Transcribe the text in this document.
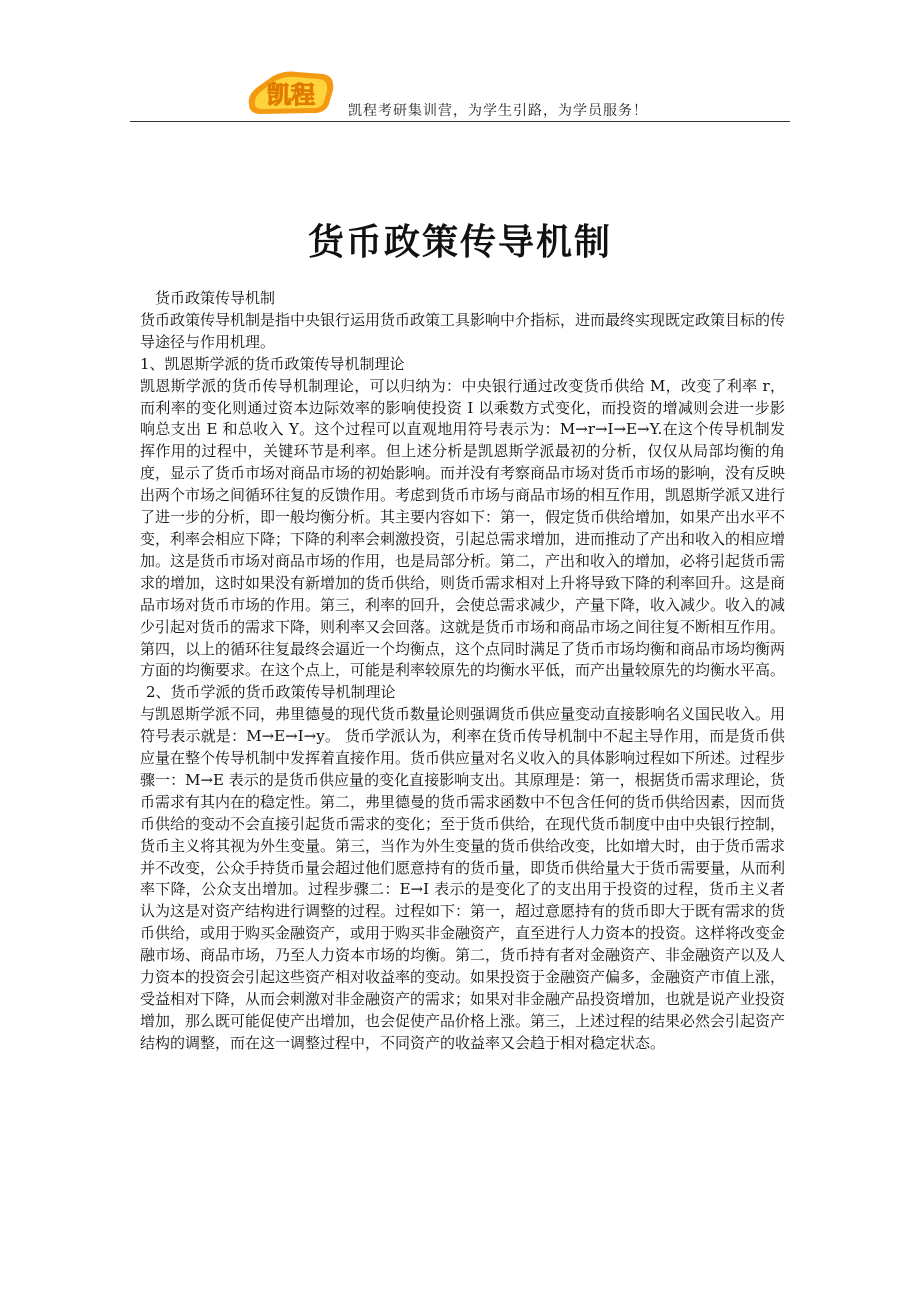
凯程
凯程考研集训营，为学生引路，为学员服务！
货币政策传导机制

货币政策传导机制

货币政策传导机制是指中央银行运用货币政策工具影响中介指标，进而最终实现既定政策目标的传导途径与作用机理。

1、凯恩斯学派的货币政策传导机制理论

凯恩斯学派的货币传导机制理论，可以归纳为：中央银行通过改变货币供给 M，改变了利率 r，而利率的变化则通过资本边际效率的影响使投资 I 以乘数方式变化，而投资的增减则会进一步影响总支出 E 和总收入 Y。这个过程可以直观地用符号表示为：M→r→I→E→Y.在这个传导机制发挥作用的过程中，关键环节是利率。但上述分析是凯恩斯学派最初的分析，仅仅从局部均衡的角度，显示了货币市场对商品市场的初始影响。而并没有考察商品市场对货币市场的影响，没有反映出两个市场之间循环往复的反馈作用。考虑到货币市场与商品市场的相互作用，凯恩斯学派又进行了进一步的分析，即一般均衡分析。其主要内容如下：第一，假定货币供给增加，如果产出水平不变，利率会相应下降；下降的利率会刺激投资，引起总需求增加，进而推动了产出和收入的相应增加。这是货币市场对商品市场的作用，也是局部分析。第二，产出和收入的增加，必将引起货币需求的增加，这时如果没有新增加的货币供给，则货币需求相对上升将导致下降的利率回升。这是商品市场对货币市场的作用。第三，利率的回升，会使总需求减少，产量下降，收入减少。收入的减少引起对货币的需求下降，则利率又会回落。这就是货币市场和商品市场之间往复不断相互作用。第四，以上的循环往复最终会逼近一个均衡点，这个点同时满足了货币市场均衡和商品市场均衡两方面的均衡要求。在这个点上，可能是利率较原先的均衡水平低，而产出量较原先的均衡水平高。

2、货币学派的货币政策传导机制理论

与凯恩斯学派不同，弗里德曼的现代货币数量论则强调货币供应量变动直接影响名义国民收入。用符号表示就是：M→E→I→y。 货币学派认为，利率在货币传导机制中不起主导作用，而是货币供应量在整个传导机制中发挥着直接作用。货币供应量对名义收入的具体影响过程如下所述。过程步骤一：M→E 表示的是货币供应量的变化直接影响支出。其原理是：第一，根据货币需求理论，货币需求有其内在的稳定性。第二，弗里德曼的货币需求函数中不包含任何的货币供给因素，因而货币供给的变动不会直接引起货币需求的变化；至于货币供给，在现代货币制度中由中央银行控制，货币主义将其视为外生变量。第三，当作为外生变量的货币供给改变，比如增大时，由于货币需求并不改变，公众手持货币量会超过他们愿意持有的货币量，即货币供给量大于货币需要量，从而利率下降，公众支出增加。过程步骤二：E→I 表示的是变化了的支出用于投资的过程，货币主义者认为这是对资产结构进行调整的过程。过程如下：第一，超过意愿持有的货币即大于既有需求的货币供给，或用于购买金融资产，或用于购买非金融资产，直至进行人力资本的投资。这样将改变金融市场、商品市场，乃至人力资本市场的均衡。第二，货币持有者对金融资产、非金融资产以及人力资本的投资会引起这些资产相对收益率的变动。如果投资于金融资产偏多，金融资产市值上涨，受益相对下降，从而会刺激对非金融资产的需求；如果对非金融产品投资增加，也就是说产业投资增加，那么既可能促使产出增加，也会促使产品价格上涨。第三，上述过程的结果必然会引起资产结构的调整，而在这一调整过程中，不同资产的收益率又会趋于相对稳定状态。
